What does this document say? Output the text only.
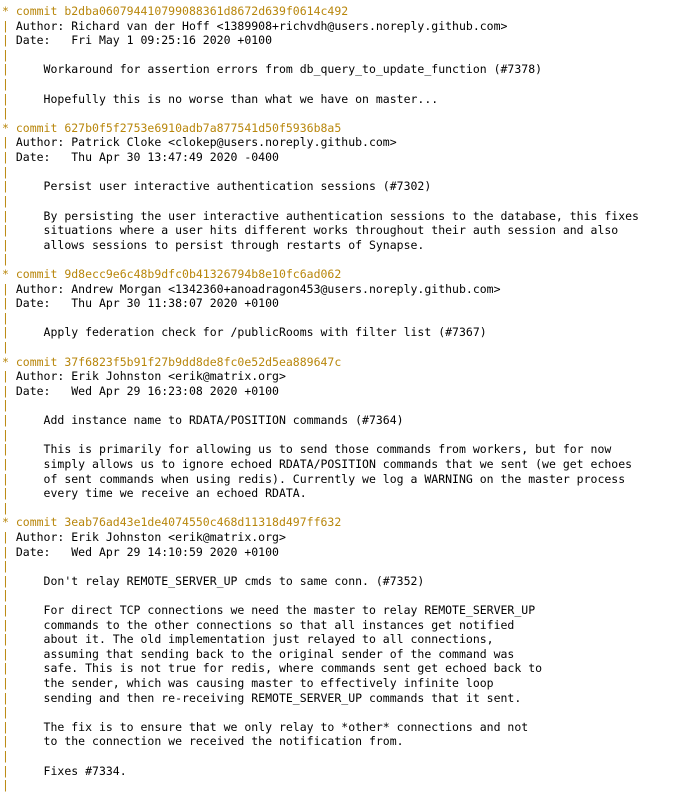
* commit b2dba060794410799088361d8672d639f0614c492
| Author: Richard van der Hoff <1389908+richvdh@users.noreply.github.com>
| Date:   Fri May 1 09:25:16 2020 +0100
|
|     Workaround for assertion errors from db_query_to_update_function (#7378)
|
|     Hopefully this is no worse than what we have on master...
|
* commit 627b0f5f2753e6910adb7a877541d50f5936b8a5
| Author: Patrick Cloke <clokep@users.noreply.github.com>
| Date:   Thu Apr 30 13:47:49 2020 -0400
|
|     Persist user interactive authentication sessions (#7302)
|
|     By persisting the user interactive authentication sessions to the database, this fixes
|     situations where a user hits different works throughout their auth session and also
|     allows sessions to persist through restarts of Synapse.
|
* commit 9d8ecc9e6c48b9dfc0b41326794b8e10fc6ad062
| Author: Andrew Morgan <1342360+anoadragon453@users.noreply.github.com>
| Date:   Thu Apr 30 11:38:07 2020 +0100
|
|     Apply federation check for /publicRooms with filter list (#7367)
|
* commit 37f6823f5b91f27b9dd8de8fc0e52d5ea889647c
| Author: Erik Johnston <erik@matrix.org>
| Date:   Wed Apr 29 16:23:08 2020 +0100
|
|     Add instance name to RDATA/POSITION commands (#7364)
|
|     This is primarily for allowing us to send those commands from workers, but for now
|     simply allows us to ignore echoed RDATA/POSITION commands that we sent (we get echoes
|     of sent commands when using redis). Currently we log a WARNING on the master process
|     every time we receive an echoed RDATA.
|
* commit 3eab76ad43e1de4074550c468d11318d497ff632
| Author: Erik Johnston <erik@matrix.org>
| Date:   Wed Apr 29 14:10:59 2020 +0100
|
|     Don't relay REMOTE_SERVER_UP cmds to same conn. (#7352)
|
|     For direct TCP connections we need the master to relay REMOTE_SERVER_UP
|     commands to the other connections so that all instances get notified
|     about it. The old implementation just relayed to all connections,
|     assuming that sending back to the original sender of the command was
|     safe. This is not true for redis, where commands sent get echoed back to
|     the sender, which was causing master to effectively infinite loop
|     sending and then re-receiving REMOTE_SERVER_UP commands that it sent.
|
|     The fix is to ensure that we only relay to *other* connections and not
|     to the connection we received the notification from.
|
|     Fixes #7334.
|
